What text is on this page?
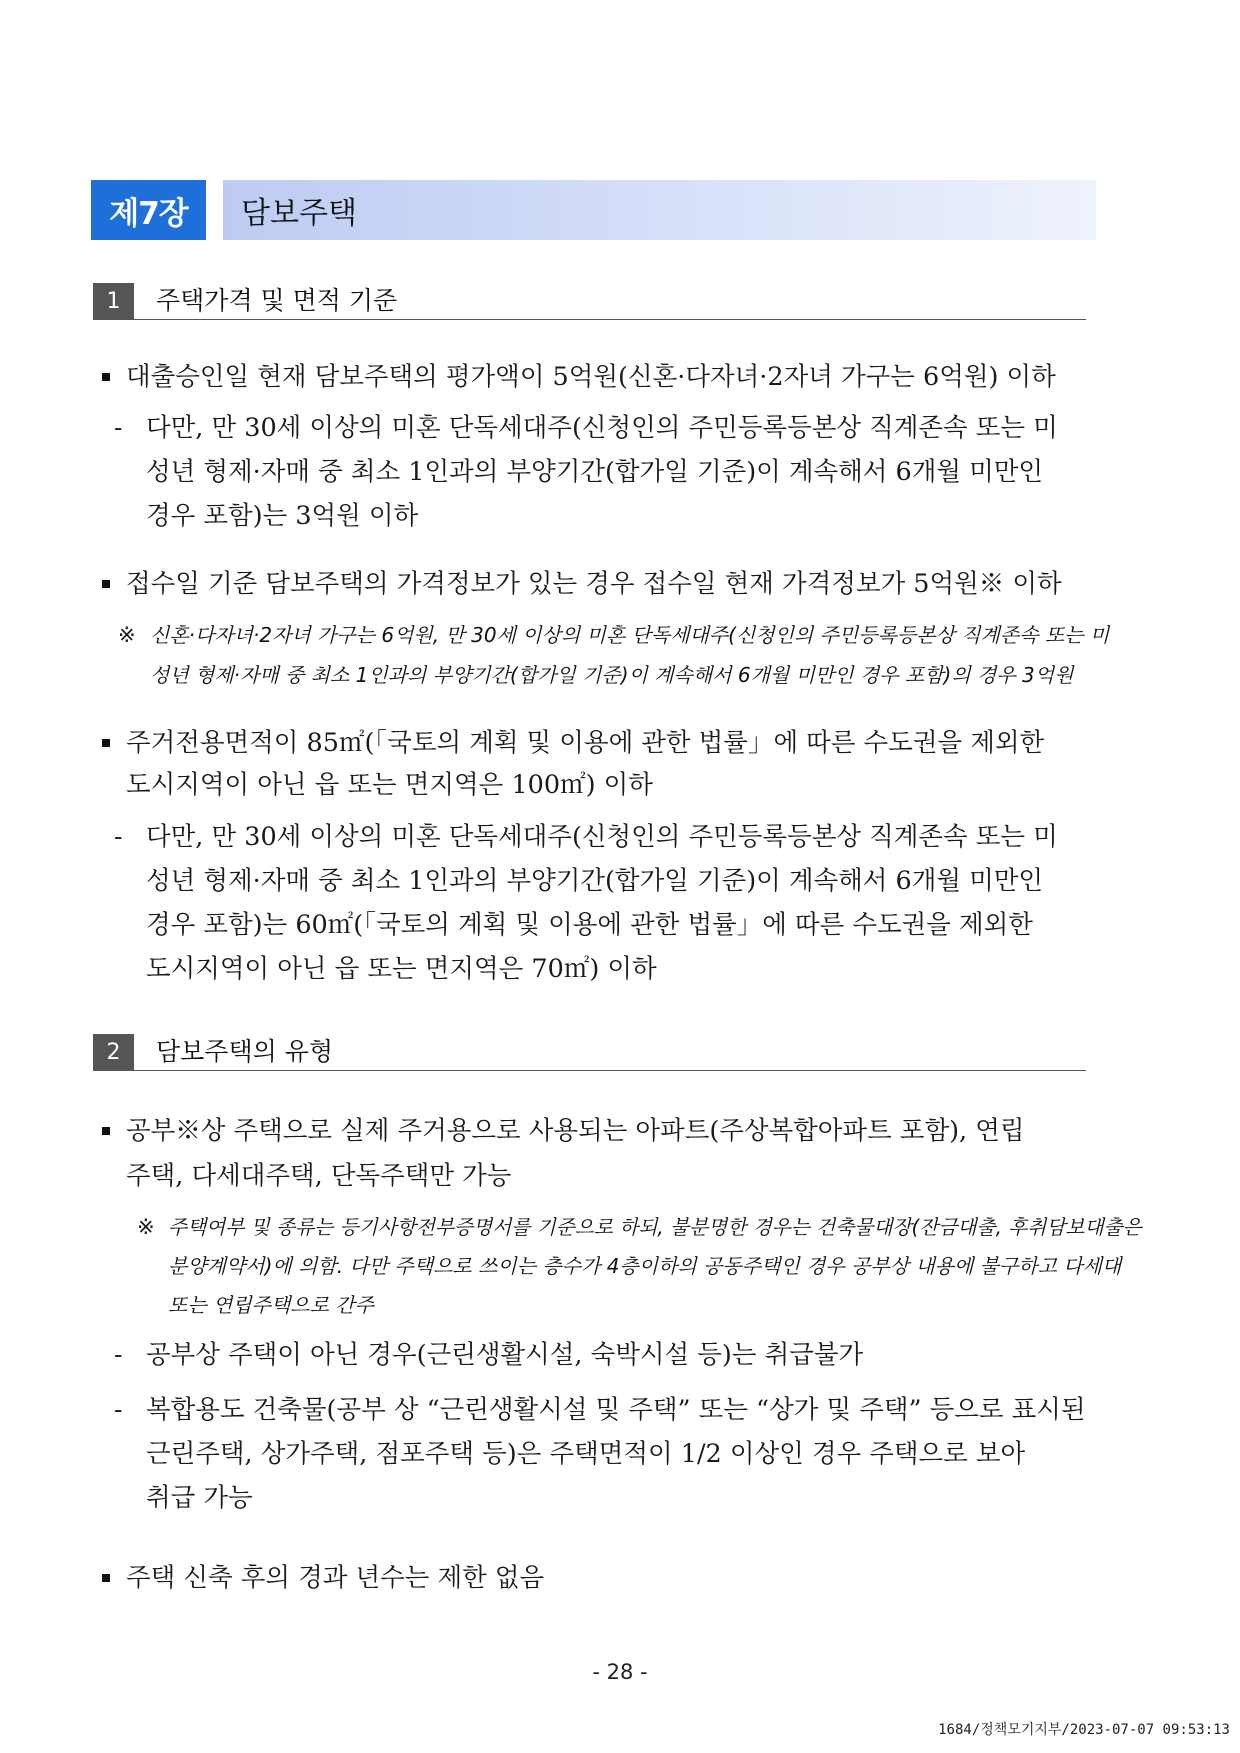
제7장	담보주택
1	주택가격 및 면적 기준
대출승인일 현재 담보주택의 평가액이 5억원(신혼·다자녀·2자녀 가구는 6억원) 이하
- 다만, 만 30세 이상의 미혼 단독세대주(신청인의 주민등록등본상 직계존속 또는 미
성년 형제·자매 중 최소 1인과의 부양기간(합가일 기준)이 계속해서 6개월 미만인
경우 포함)는 3억원 이하
접수일 기준 담보주택의 가격정보가 있는 경우 접수일 현재 가격정보가 5억원※ 이하
※ 신혼·다자녀·2자녀 가구는 6억원, 만 30세 이상의 미혼 단독세대주(신청인의 주민등록등본상 직계존속 또는 미
성년 형제·자매 중 최소 1인과의 부양기간(합가일 기준)이 계속해서 6개월 미만인 경우 포함)의 경우 3억원
주거전용면적이 85㎡(「국토의 계획 및 이용에 관한 법률」에 따른 수도권을 제외한
도시지역이 아닌 읍 또는 면지역은 100㎡) 이하
- 다만, 만 30세 이상의 미혼 단독세대주(신청인의 주민등록등본상 직계존속 또는 미
성년 형제·자매 중 최소 1인과의 부양기간(합가일 기준)이 계속해서 6개월 미만인
경우 포함)는 60㎡(「국토의 계획 및 이용에 관한 법률」에 따른 수도권을 제외한
도시지역이 아닌 읍 또는 면지역은 70㎡) 이하
2	담보주택의 유형
공부※상 주택으로 실제 주거용으로 사용되는 아파트(주상복합아파트 포함), 연립
주택, 다세대주택, 단독주택만 가능
※ 주택여부 및 종류는 등기사항전부증명서를 기준으로 하되, 불분명한 경우는 건축물대장(잔금대출, 후취담보대출은
분양계약서)에 의함. 다만 주택으로 쓰이는 층수가 4층이하의 공동주택인 경우 공부상 내용에 불구하고 다세대
또는 연립주택으로 간주
- 공부상 주택이 아닌 경우(근린생활시설, 숙박시설 등)는 취급불가
- 복합용도 건축물(공부 상 “근린생활시설 및 주택” 또는 “상가 및 주택” 등으로 표시된
근린주택, 상가주택, 점포주택 등)은 주택면적이 1/2 이상인 경우 주택으로 보아
취급 가능
주택 신축 후의 경과 년수는 제한 없음
- 28 -
1684/정책모기지부/2023-07-07 09:53:13
